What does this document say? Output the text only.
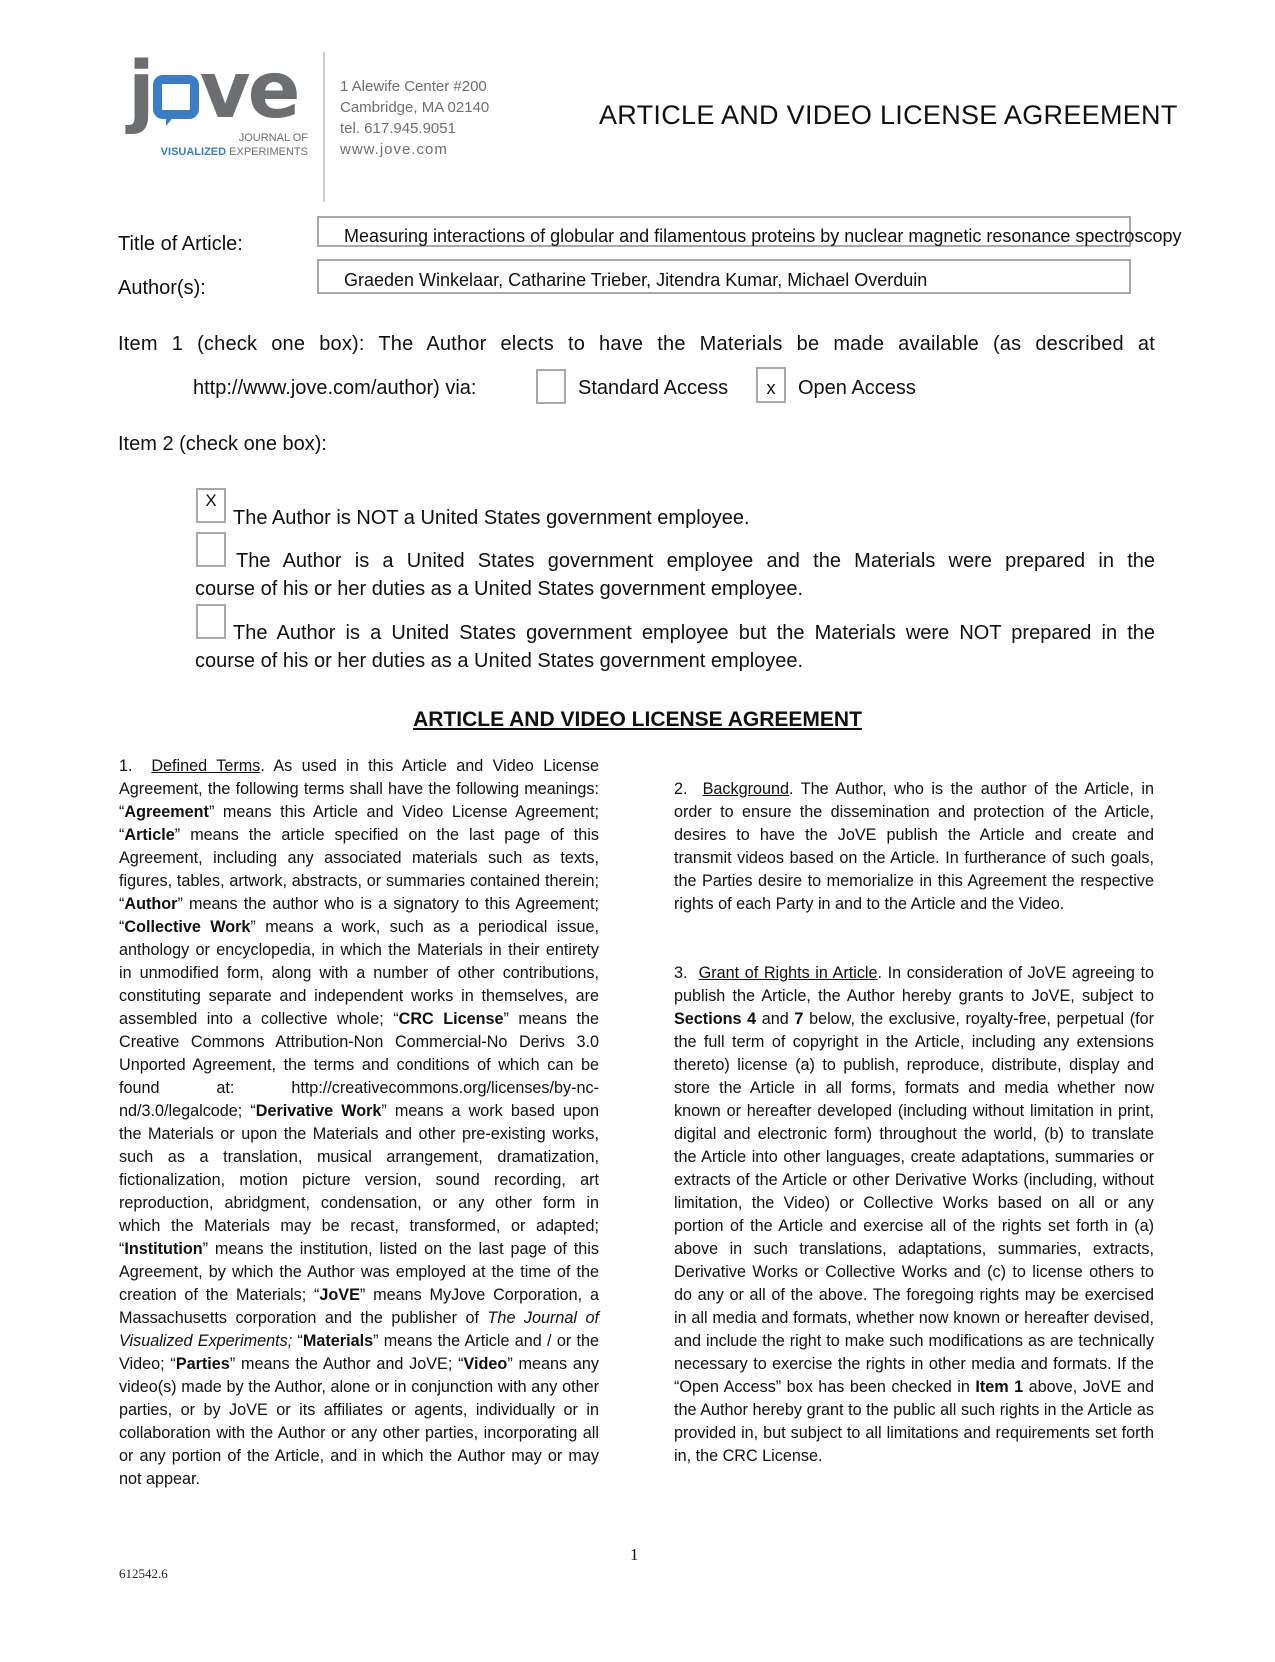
j ve
JOURNAL OF
VISUALIZED EXPERIMENTS
1 Alewife Center #200
Cambridge, MA 02140
tel. 617.945.9051
www.jove.com
ARTICLE AND VIDEO LICENSE AGREEMENT
Title of Article:	Measuring interactions of globular and filamentous proteins by nuclear magnetic resonance spectroscopy
Author(s):	Graeden Winkelaar, Catharine Trieber, Jitendra Kumar, Michael Overduin
Item 1 (check one box): The Author elects to have the Materials be made available (as described at
http://www.jove.com/author) via:	Standard Access	x	Open Access
Item 2 (check one box):
X
The Author is NOT a United States government employee.
The Author is a United States government employee and the Materials were prepared in the
course of his or her duties as a United States government employee.
The Author is a United States government employee but the Materials were NOT prepared in the
course of his or her duties as a United States government employee.
ARTICLE AND VIDEO LICENSE AGREEMENT
1. Defined Terms. As used in this Article and Video License Agreement, the following terms shall have the following meanings: “Agreement” means this Article and Video License Agreement; “Article” means the article specified on the last page of this Agreement, including any associated materials such as texts, figures, tables, artwork, abstracts, or summaries contained therein; “Author” means the author who is a signatory to this Agreement; “Collective Work” means a work, such as a periodical issue, anthology or encyclopedia, in which the Materials in their entirety in unmodified form, along with a number of other contributions, constituting separate and independent works in themselves, are assembled into a collective whole; “CRC License” means the Creative Commons Attribution-Non Commercial-No Derivs 3.0 Unported Agreement, the terms and conditions of which can be found at: http://creativecommons.org/licenses/by-nc-nd/3.0/legalcode; “Derivative Work” means a work based upon the Materials or upon the Materials and other pre-existing works, such as a translation, musical arrangement, dramatization, fictionalization, motion picture version, sound recording, art reproduction, abridgment, condensation, or any other form in which the Materials may be recast, transformed, or adapted; “Institution” means the institution, listed on the last page of this Agreement, by which the Author was employed at the time of the creation of the Materials; “JoVE” means MyJove Corporation, a Massachusetts corporation and the publisher of The Journal of Visualized Experiments; “Materials” means the Article and / or the Video; “Parties” means the Author and JoVE; “Video” means any video(s) made by the Author, alone or in conjunction with any other parties, or by JoVE or its affiliates or agents, individually or in collaboration with the Author or any other parties, incorporating all or any portion of the Article, and in which the Author may or may not appear.
2. Background. The Author, who is the author of the Article, in order to ensure the dissemination and protection of the Article, desires to have the JoVE publish the Article and create and transmit videos based on the Article. In furtherance of such goals, the Parties desire to memorialize in this Agreement the respective rights of each Party in and to the Article and the Video.
3. Grant of Rights in Article. In consideration of JoVE agreeing to publish the Article, the Author hereby grants to JoVE, subject to Sections 4 and 7 below, the exclusive, royalty-free, perpetual (for the full term of copyright in the Article, including any extensions thereto) license (a) to publish, reproduce, distribute, display and store the Article in all forms, formats and media whether now known or hereafter developed (including without limitation in print, digital and electronic form) throughout the world, (b) to translate the Article into other languages, create adaptations, summaries or extracts of the Article or other Derivative Works (including, without limitation, the Video) or Collective Works based on all or any portion of the Article and exercise all of the rights set forth in (a) above in such translations, adaptations, summaries, extracts, Derivative Works or Collective Works and (c) to license others to do any or all of the above. The foregoing rights may be exercised in all media and formats, whether now known or hereafter devised, and include the right to make such modifications as are technically necessary to exercise the rights in other media and formats. If the “Open Access” box has been checked in Item 1 above, JoVE and the Author hereby grant to the public all such rights in the Article as provided in, but subject to all limitations and requirements set forth in, the CRC License.
1
612542.6
